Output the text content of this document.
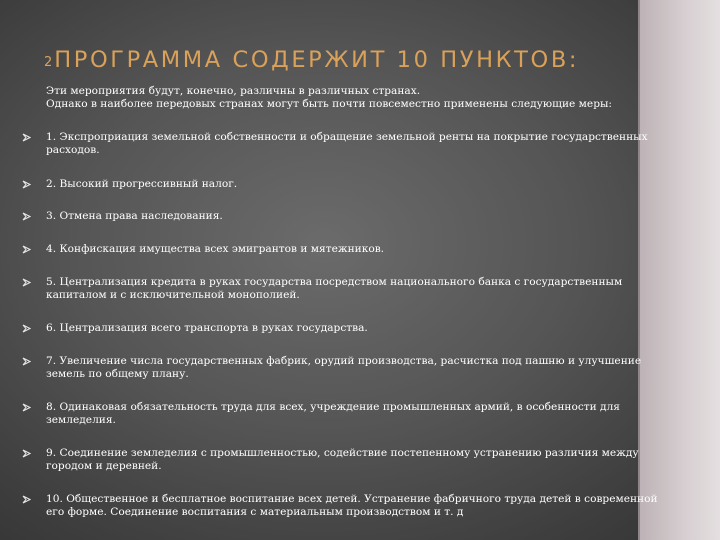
2 ПРОГРАММА СОДЕРЖИТ 10 ПУНКТОВ:
Эти мероприятия будут, конечно, различны в различных странах.
Однако в наиболее передовых странах могут быть почти повсеместно применены следующие меры:
1. Экспроприация земельной собственности и обращение земельной ренты на покрытие государственных расходов.
2. Высокий прогрессивный налог.
3. Отмена права наследования.
4. Конфискация имущества всех эмигрантов и мятежников.
5. Централизация кредита в руках государства посредством национального банка с государственным капиталом и с исключительной монополией.
6. Централизация всего транспорта в руках государства.
7. Увеличение числа государственных фабрик, орудий производства, расчистка под пашню и улучшение земель по общему плану.
8. Одинаковая обязательность труда для всех, учреждение промышленных армий, в особенности для земледелия.
9. Соединение земледелия с промышленностью, содействие постепенному устранению различия между городом и деревней.
10. Общественное и бесплатное воспитание всех детей. Устранение фабричного труда детей в современной его форме. Соединение воспитания с материальным производством и т. д
